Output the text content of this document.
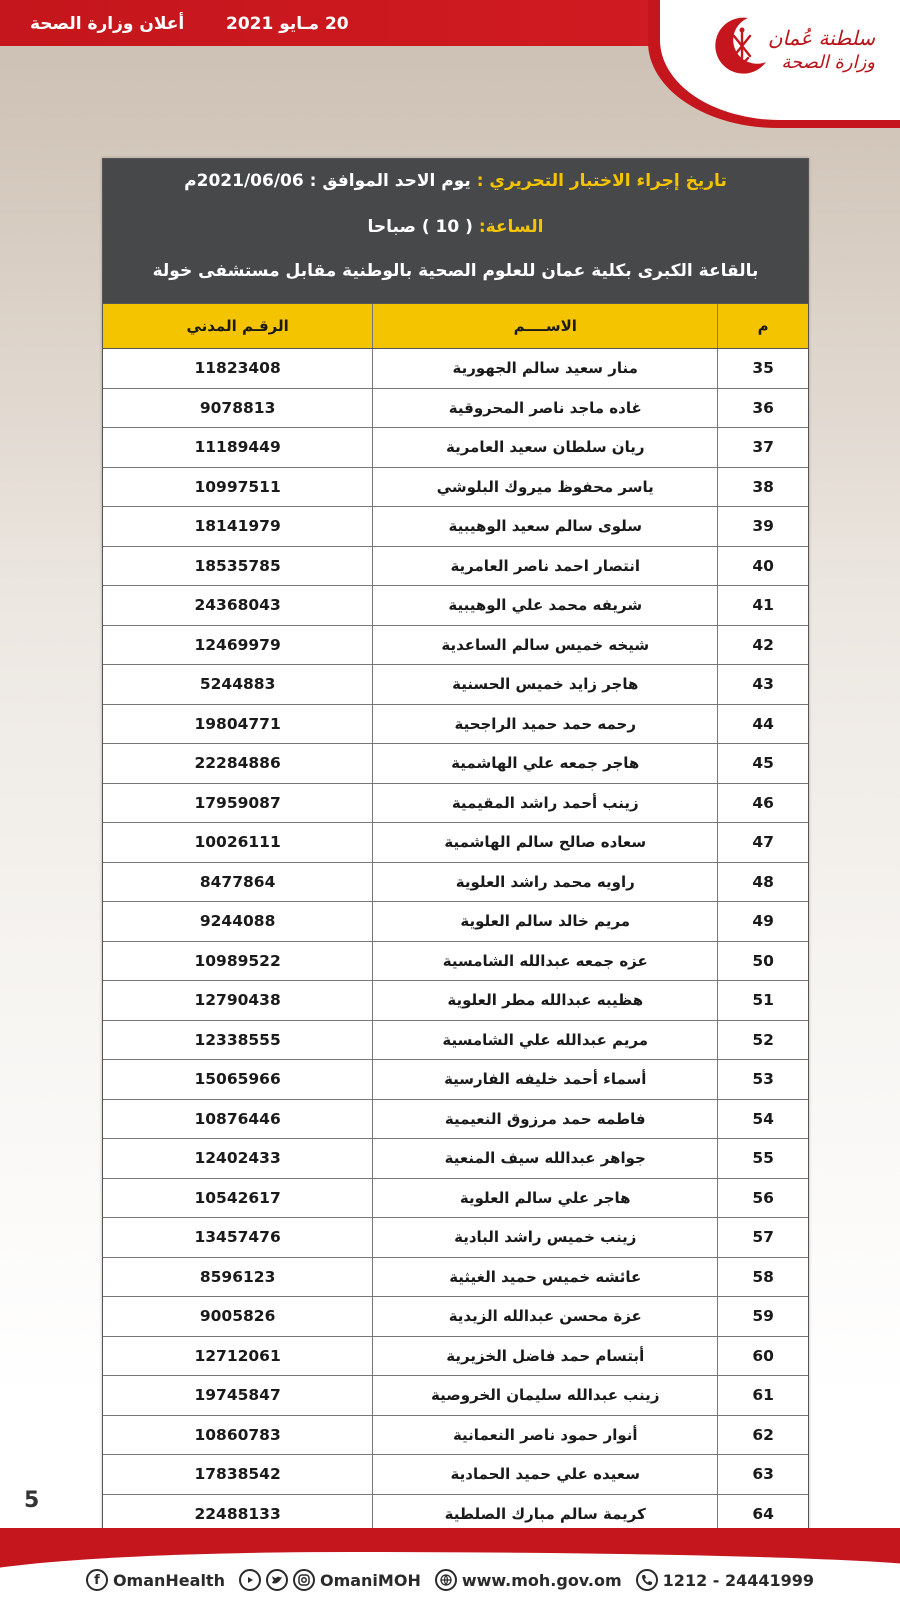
20 مـايو 2021
أعلان وزارة الصحة
سلطنة عُمان
وزارة الصحة
تاريخ إجراء الاختبار التحريري : يوم الاحد الموافق : 2021/06/06م
الساعة: ( 10 ) صباحا
بالقاعة الكبرى بكلية عمان للعلوم الصحية بالوطنية مقابل مستشفى خولة
الرقـم المدني	الاســــم	م
11823408	منار سعيد سالم الجهورية	35
9078813	غاده ماجد ناصر المحروقية	36
11189449	ريان سلطان سعيد العامرية	37
10997511	ياسر محفوظ ميروك البلوشي	38
18141979	سلوى سالم سعيد الوهيبية	39
18535785	انتصار احمد ناصر العامرية	40
24368043	شريفه محمد علي الوهيبية	41
12469979	شيخه خميس سالم الساعدية	42
5244883	هاجر زايد خميس الحسنية	43
19804771	رحمه حمد حميد الراجحية	44
22284886	هاجر جمعه علي الهاشمية	45
17959087	زينب أحمد راشد المقيمية	46
10026111	سعاده صالح سالم الهاشمية	47
8477864	راويه محمد راشد العلوية	48
9244088	مريم خالد سالم العلوية	49
10989522	عزه جمعه عبدالله الشامسية	50
12790438	هظيبه عبدالله مطر العلوية	51
12338555	مريم عبدالله علي الشامسية	52
15065966	أسماء أحمد خليفه الفارسية	53
10876446	فاطمه حمد مرزوق النعيمية	54
12402433	جواهر عبدالله سيف المنعية	55
10542617	هاجر علي سالم العلوية	56
13457476	زينب خميس راشد البادية	57
8596123	عائشه خميس حميد الغيثية	58
9005826	عزة محسن عبدالله الزيدية	59
12712061	أبتسام حمد فاضل الخزيرية	60
19745847	زينب عبدالله سليمان الخروصية	61
10860783	أنوار حمود ناصر النعمانية	62
17838542	سعيده علي حميد الحمادية	63
22488133	كريمة سالم مبارك الصلطية	64
5
f OmanHealth	OmaniMOH	www.moh.gov.om	1212 - 24441999
